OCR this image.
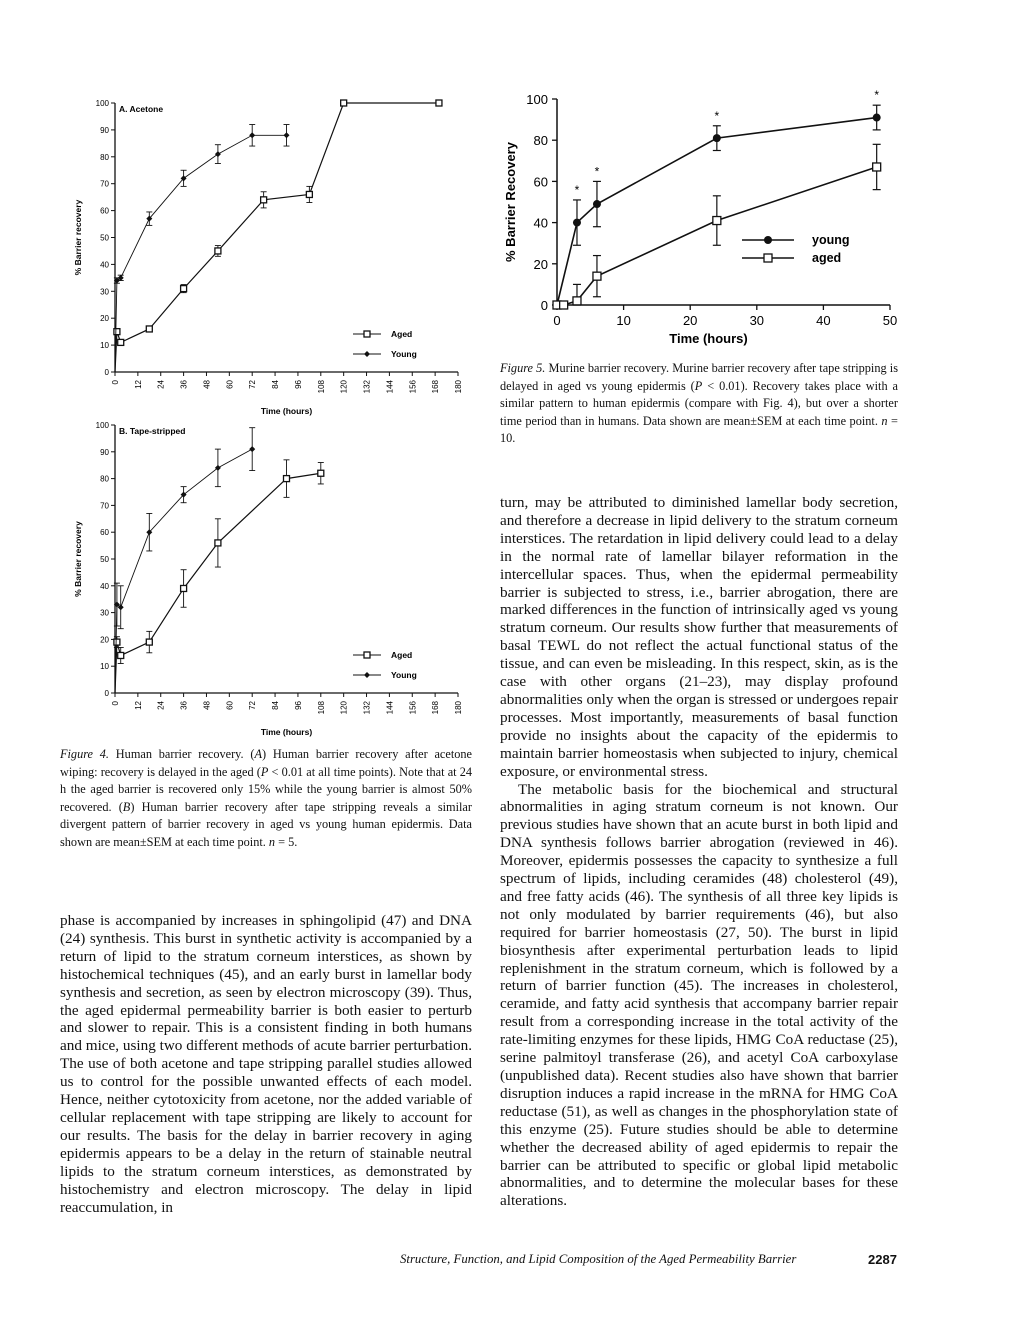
0
10
20
30
40
50
60
70
80
90
100
0 12 24 36 48 60 72 84 96 108 120 132 144 156 168 180
Time (hours)
% Barrier recovery
A. Acetone
Aged
Young
0
10
20
30
40
50
60
70
80
90
100
0 12 24 36 48 60 72 84 96 108 120 132 144 156 168 180
Time (hours)
% Barrier recovery
B. Tape-stripped
Aged
Young
0
20
40
60
80
100
0	10	20	30	40	50
Time (hours)
% Barrier Recovery	young
aged
*
*
*
*
Figure 4. Human barrier recovery. (A) Human barrier recovery after acetone wiping: recovery is delayed in the aged (P < 0.01 at all time points). Note that at 24 h the aged barrier is recovered only 15% while the young barrier is almost 50% recovered. (B) Human barrier recovery after tape stripping reveals a similar divergent pattern of barrier recovery in aged vs young human epidermis. Data shown are mean±SEM at each time point. n = 5.
Figure 5. Murine barrier recovery. Murine barrier recovery after tape stripping is delayed in aged vs young epidermis (P < 0.01). Recovery takes place with a similar pattern to human epidermis (compare with Fig. 4), but over a shorter time period than in humans. Data shown are mean±SEM at each time point. n = 10.

phase is accompanied by increases in sphingolipid (47) and DNA (24) synthesis. This burst in synthetic activity is accompanied by a return of lipid to the stratum corneum interstices, as shown by histochemical techniques (45), and an early burst in lamellar body synthesis and secretion, as seen by electron microscopy (39). Thus, the aged epidermal permeability barrier is both easier to perturb and slower to repair. This is a consistent finding in both humans and mice, using two different methods of acute barrier perturbation. The use of both acetone and tape stripping parallel studies allowed us to control for the possible unwanted effects of each model. Hence, neither cytotoxicity from acetone, nor the added variable of cellular replacement with tape stripping are likely to account for our results. The basis for the delay in barrier recovery in aging epidermis appears to be a delay in the return of stainable neutral lipids to the stratum corneum interstices, as demonstrated by histochemistry and electron microscopy. The delay in lipid reaccumulation, in

turn, may be attributed to diminished lamellar body secretion, and therefore a decrease in lipid delivery to the stratum corneum interstices. The retardation in lipid delivery could lead to a delay in the normal rate of lamellar bilayer reformation in the intercellular spaces. Thus, when the epidermal permeability barrier is subjected to stress, i.e., barrier abrogation, there are marked differences in the function of intrinsically aged vs young stratum corneum. Our results show further that measurements of basal TEWL do not reflect the actual functional status of the tissue, and can even be misleading. In this respect, skin, as is the case with other organs (21–23), may display profound abnormalities only when the organ is stressed or undergoes repair processes. Most importantly, measurements of basal function provide no insights about the capacity of the epidermis to maintain barrier homeostasis when subjected to injury, chemical exposure, or environmental stress.

The metabolic basis for the biochemical and structural abnormalities in aging stratum corneum is not known. Our previous studies have shown that an acute burst in both lipid and DNA synthesis follows barrier abrogation (reviewed in 46). Moreover, epidermis possesses the capacity to synthesize a full spectrum of lipids, including ceramides (48) cholesterol (49), and free fatty acids (46). The synthesis of all three key lipids is not only modulated by barrier requirements (46), but also required for barrier homeostasis (27, 50). The burst in lipid biosynthesis after experimental perturbation leads to lipid replenishment in the stratum corneum, which is followed by a return of barrier function (45). The increases in cholesterol, ceramide, and fatty acid synthesis that accompany barrier repair result from a corresponding increase in the total activity of the rate-limiting enzymes for these lipids, HMG CoA reductase (25), serine palmitoyl transferase (26), and acetyl CoA carboxylase (unpublished data). Recent studies also have shown that barrier disruption induces a rapid increase in the mRNA for HMG CoA reductase (51), as well as changes in the phosphorylation state of this enzyme (25). Future studies should be able to determine whether the decreased ability of aged epidermis to repair the barrier can be attributed to specific or global lipid metabolic abnormalities, and to determine the molecular bases for these alterations.

Structure, Function, and Lipid Composition of the Aged Permeability Barrier	2287
